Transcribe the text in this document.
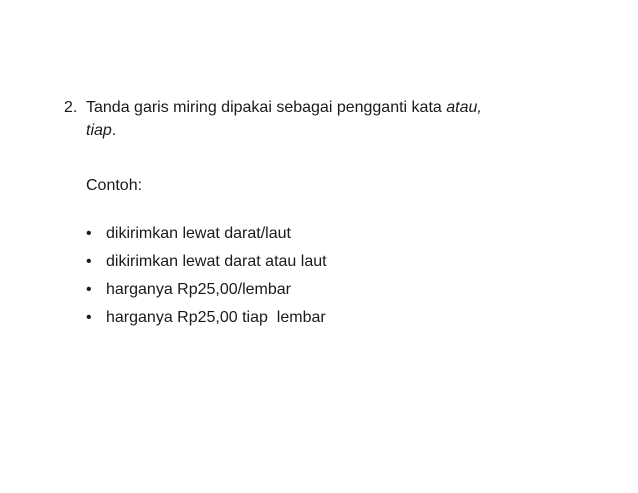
2. Tanda garis miring dipakai sebagai pengganti kata atau,
tiap.

Contoh:

• dikirimkan lewat darat/laut
• dikirimkan lewat darat atau laut
• harganya Rp25,00/lembar
• harganya Rp25,00 tiap  lembar
